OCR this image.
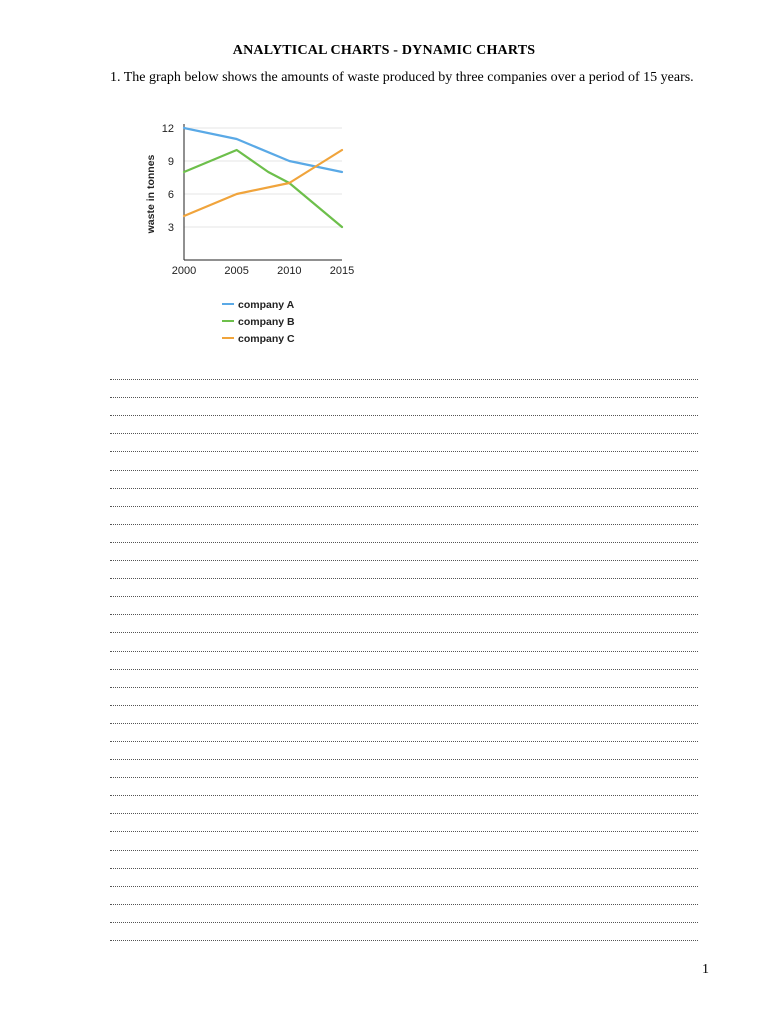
ANALYTICAL CHARTS - DYNAMIC CHARTS
1. The graph below shows the amounts of waste produced by three companies over a period of 15 years.
3
6
9
12
2000	2005	2010	2015
waste in tonnes
company A
company B
company C
1
